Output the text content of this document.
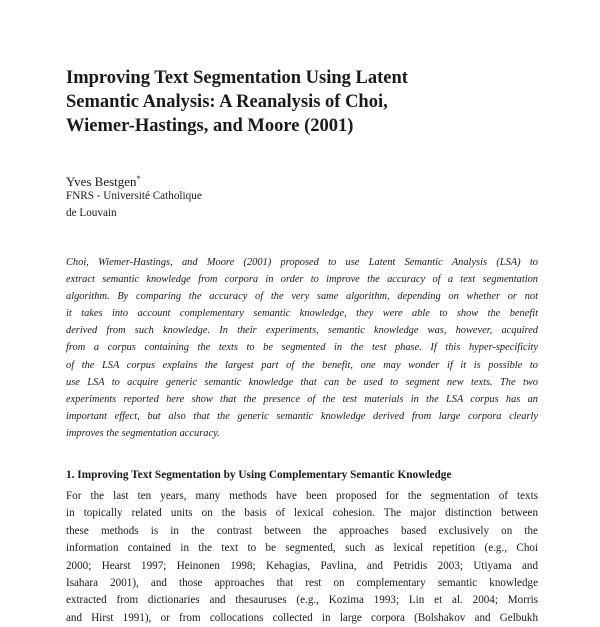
Improving Text Segmentation Using Latent
Semantic Analysis: A Reanalysis of Choi,
Wiemer-Hastings, and Moore (2001)
Yves Bestgen*
FNRS - Université Catholique
de Louvain
Choi, Wiemer-Hastings, and Moore (2001) proposed to use Latent Semantic Analysis (LSA) to
extract semantic knowledge from corpora in order to improve the accuracy of a text segmentation
algorithm. By comparing the accuracy of the very same algorithm, depending on whether or not
it takes into account complementary semantic knowledge, they were able to show the benefit
derived from such knowledge. In their experiments, semantic knowledge was, however, acquired
from a corpus containing the texts to be segmented in the test phase. If this hyper-specificity
of the LSA corpus explains the largest part of the benefit, one may wonder if it is possible to
use LSA to acquire generic semantic knowledge that can be used to segment new texts. The two
experiments reported here show that the presence of the test materials in the LSA corpus has an
important effect, but also that the generic semantic knowledge derived from large corpora clearly
improves the segmentation accuracy.
1. Improving Text Segmentation by Using Complementary Semantic Knowledge
For the last ten years, many methods have been proposed for the segmentation of texts
in topically related units on the basis of lexical cohesion. The major distinction between
these methods is in the contrast between the approaches based exclusively on the
information contained in the text to be segmented, such as lexical repetition (e.g., Choi
2000; Hearst 1997; Heinonen 1998; Kehagias, Pavlina, and Petridis 2003; Utiyama and
Isahara 2001), and those approaches that rest on complementary semantic knowledge
extracted from dictionaries and thesauruses (e.g., Kozima 1993; Lin et al. 2004; Morris
and Hirst 1991), or from collocations collected in large corpora (Bolshakov and Gelbukh
